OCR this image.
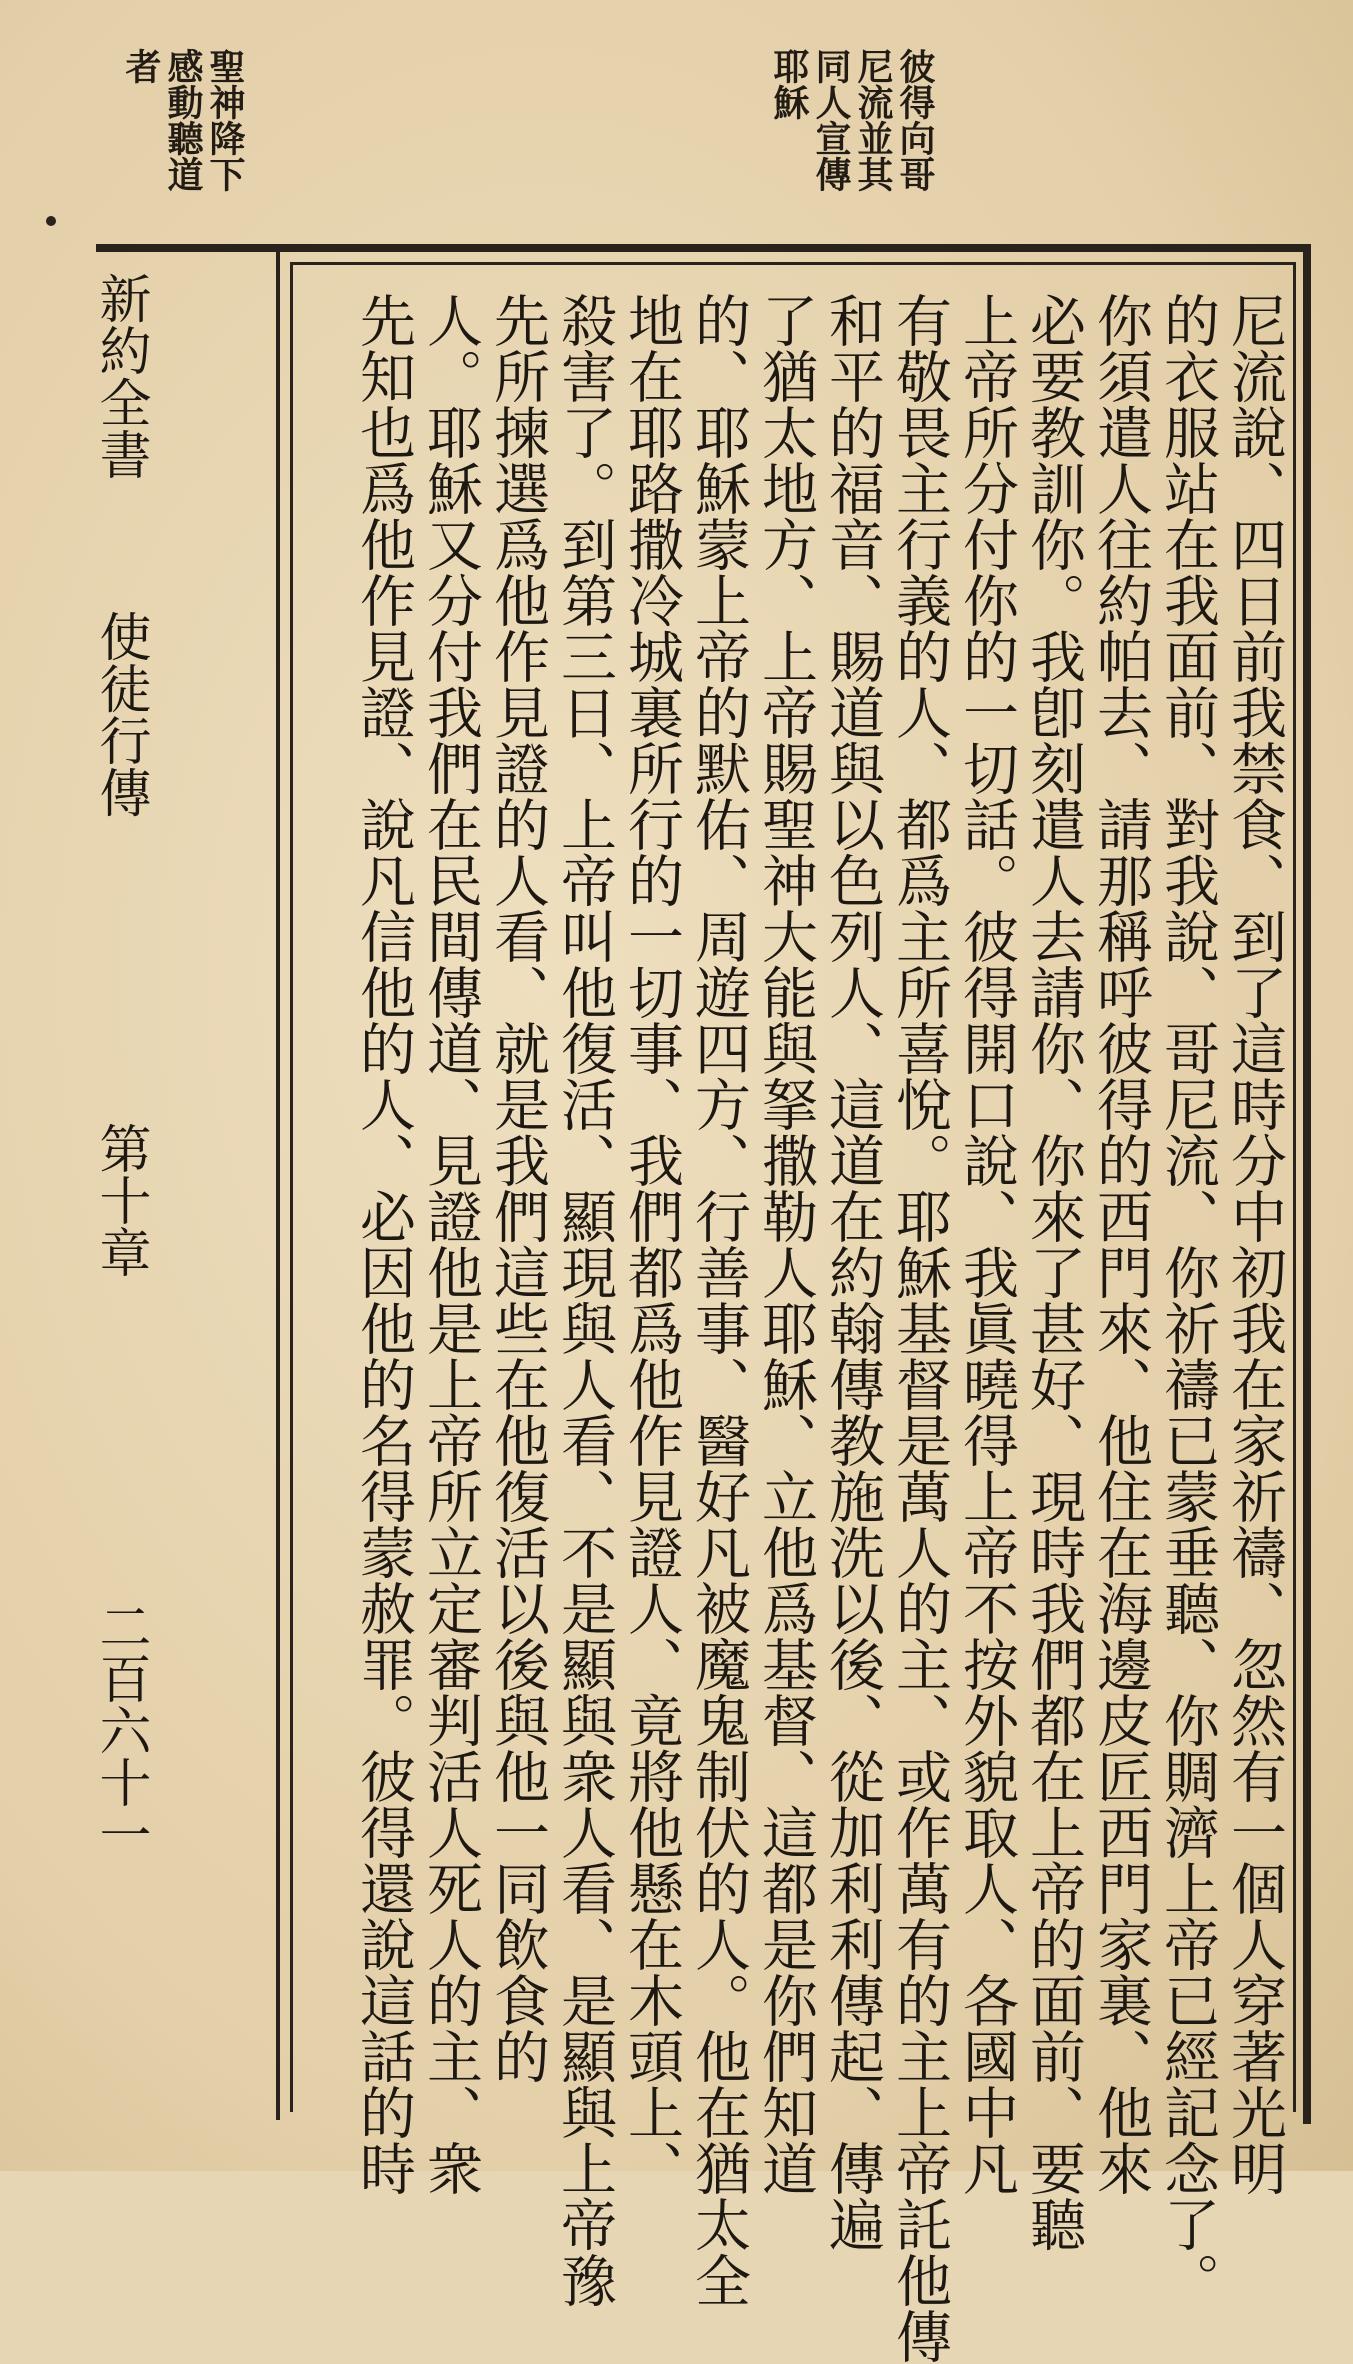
彼得向哥
尼流並其
同人宣傳
耶穌
聖神降下
感動聽道
者
新約全書
使徒行傳
第十章
二百六十一	尼流說、四日前我禁食、到了這時分中初我在家祈禱、忽然有一個人穿著光明
的衣服站在我面前、對我說、哥尼流、你祈禱已蒙垂聽、你賙濟上帝已經記念了。
你須遣人往約帕去、請那稱呼彼得的西門來、他住在海邊皮匠西門家裏、他來
必要教訓你。我卽刻遣人去請你、你來了甚好、現時我們都在上帝的面前、要聽
上帝所分付你的一切話。彼得開口說、我眞曉得上帝不按外貌取人、各國中凡
有敬畏主行義的人、都爲主所喜悅。耶穌基督是萬人的主、或作萬有的主上帝託他傳
和平的福音、賜道與以色列人、這道在約翰傳教施洗以後、從加利利傳起、傳遍
了猶太地方、上帝賜聖神大能與拏撒勒人耶穌、立他爲基督、這都是你們知道
的、耶穌蒙上帝的默佑、周遊四方、行善事、醫好凡被魔鬼制伏的人。他在猶太全
地在耶路撒冷城裏所行的一切事、我們都爲他作見證人、竟將他懸在木頭上、
殺害了。到第三日、上帝叫他復活、顯現與人看、不是顯與衆人看、是顯與上帝豫
先所揀選爲他作見證的人看、就是我們這些在他復活以後與他一同飲食的
人。耶穌又分付我們在民間傳道、見證他是上帝所立定審判活人死人的主、衆
先知也爲他作見證、說凡信他的人、必因他的名得蒙赦罪。彼得還說這話的時
